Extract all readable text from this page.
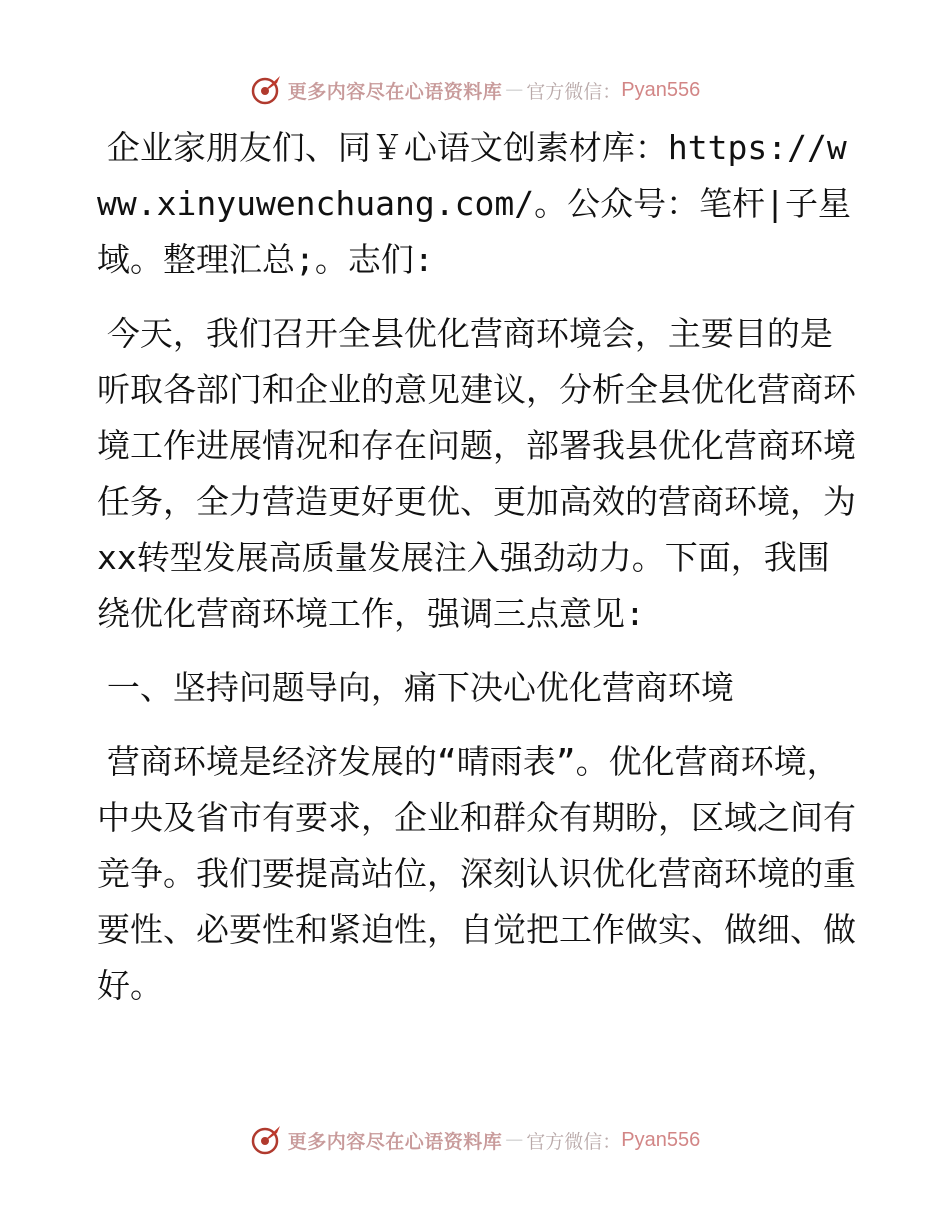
更多内容尽在心语资料库 — 官方微信： Pyan556

企业家朋友们、同￥心语文创素材库：https://www.xinyuwenchuang.com/。公众号：笔杆|子星域。整理汇总;。志们:

今天，我们召开全县优化营商环境会，主要目的是听取各部门和企业的意见建议，分析全县优化营商环境工作进展情况和存在问题，部署我县优化营商环境任务，全力营造更好更优、更加高效的营商环境，为xx转型发展高质量发展注入强劲动力。下面，我围绕优化营商环境工作，强调三点意见:

一、坚持问题导向，痛下决心优化营商环境

营商环境是经济发展的“晴雨表”。优化营商环境，中央及省市有要求，企业和群众有期盼，区域之间有竞争。我们要提高站位，深刻认识优化营商环境的重要性、必要性和紧迫性，自觉把工作做实、做细、做好。

更多内容尽在心语资料库 — 官方微信： Pyan556
